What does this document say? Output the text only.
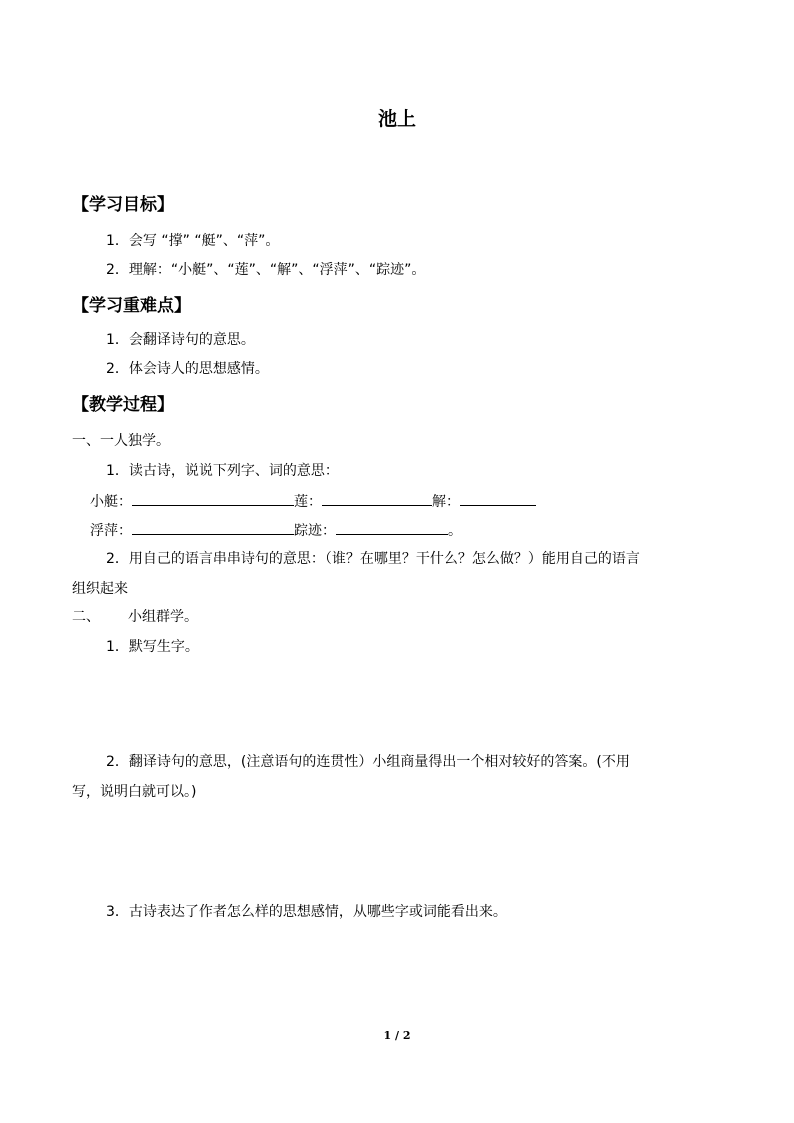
池上
【学习目标】
1．会写 “撑” “艇”、“萍”。
2．理解：“小艇”、“莲”、“解”、“浮萍”、“踪迹”。
【学习重难点】
1．会翻译诗句的意思。
2．体会诗人的思想感情。
【教学过程】
一、一人独学。
1．读古诗，说说下列字、词的意思：
小艇：	莲：	解：
浮萍：	踪迹：	。
2．用自己的语言串串诗句的意思：（谁？在哪里？干什么？怎么做？）能用自己的语言
组织起来
二、 小组群学。
1．默写生字。
2．翻译诗句的意思，(注意语句的连贯性）小组商量得出一个相对较好的答案。(不用
写，说明白就可以。)
3．古诗表达了作者怎么样的思想感情，从哪些字或词能看出来。
1 / 2
